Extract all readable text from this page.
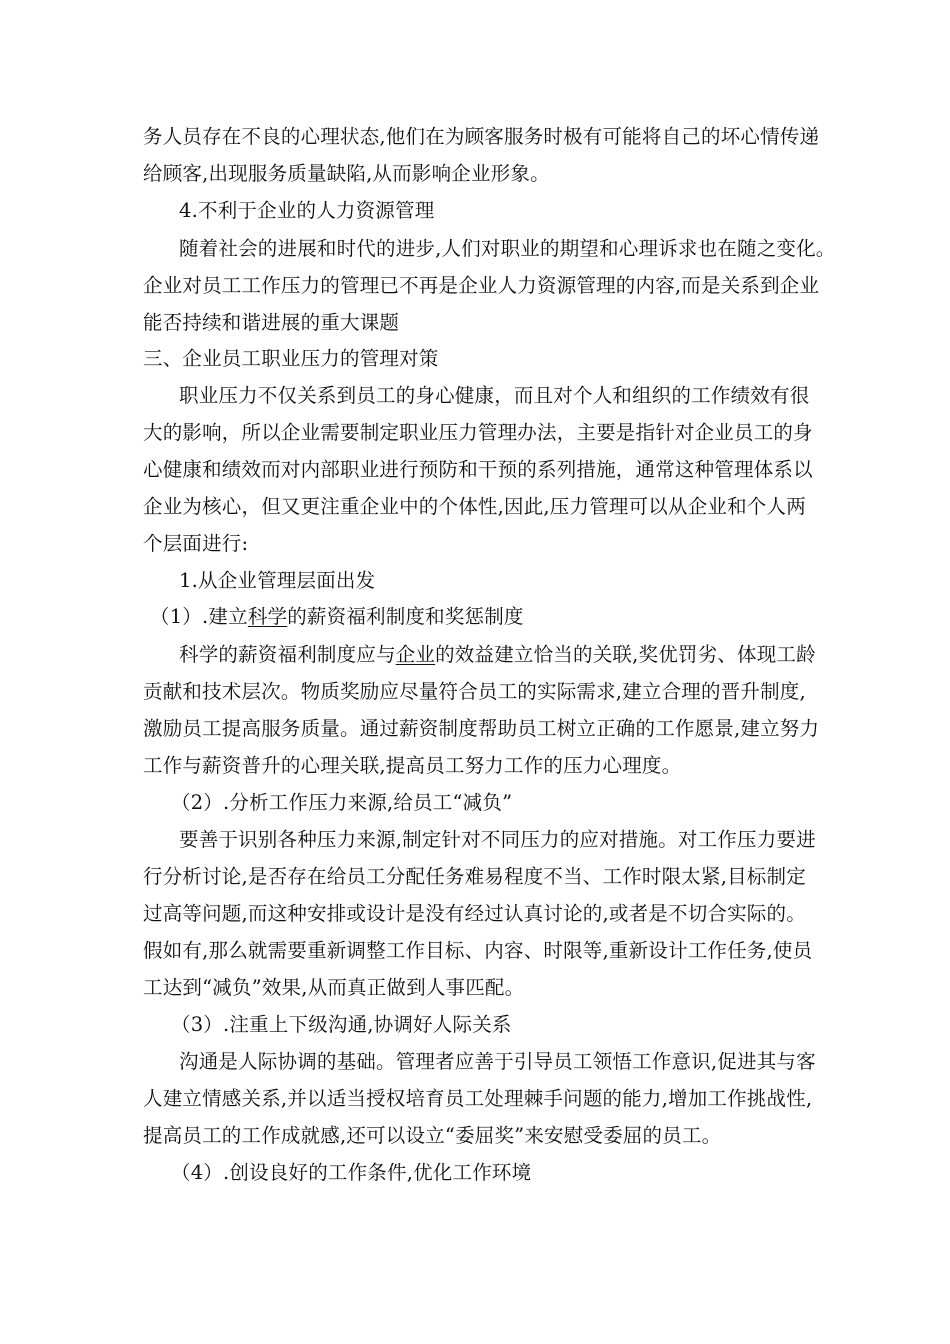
务人员存在不良的心理状态,他们在为顾客服务时极有可能将自己的坏心情传递
给顾客,出现服务质量缺陷,从而影响企业形象。
4.不利于企业的人力资源管理
随着社会的进展和时代的进步,人们对职业的期望和心理诉求也在随之变化。
企业对员工工作压力的管理已不再是企业人力资源管理的内容,而是关系到企业
能否持续和谐进展的重大课题
三、企业员工职业压力的管理对策
职业压力不仅关系到员工的身心健康，而且对个人和组织的工作绩效有很
大的影响，所以企业需要制定职业压力管理办法，主要是指针对企业员工的身
心健康和绩效而对内部职业进行预防和干预的系列措施，通常这种管理体系以
企业为核心，但又更注重企业中的个体性,因此,压力管理可以从企业和个人两
个层面进行:
1.从企业管理层面出发
（1）.建立科学的薪资福利制度和奖惩制度
科学的薪资福利制度应与企业的效益建立恰当的关联,奖优罚劣、体现工龄
贡献和技术层次。物质奖励应尽量符合员工的实际需求,建立合理的晋升制度,
激励员工提高服务质量。通过薪资制度帮助员工树立正确的工作愿景,建立努力
工作与薪资普升的心理关联,提高员工努力工作的压力心理度。
（2）.分析工作压力来源,给员工“减负”
要善于识别各种压力来源,制定针对不同压力的应对措施。对工作压力要进
行分析讨论,是否存在给员工分配任务难易程度不当、工作时限太紧,目标制定
过高等问题,而这种安排或设计是没有经过认真讨论的,或者是不切合实际的。
假如有,那么就需要重新调整工作目标、内容、时限等,重新设计工作任务,使员
工达到“减负”效果,从而真正做到人事匹配。
（3）.注重上下级沟通,协调好人际关系
沟通是人际协调的基础。管理者应善于引导员工领悟工作意识,促进其与客
人建立情感关系,并以适当授权培育员工处理棘手问题的能力,增加工作挑战性,
提高员工的工作成就感,还可以设立“委屈奖”来安慰受委屈的员工。
（4）.创设良好的工作条件,优化工作环境
